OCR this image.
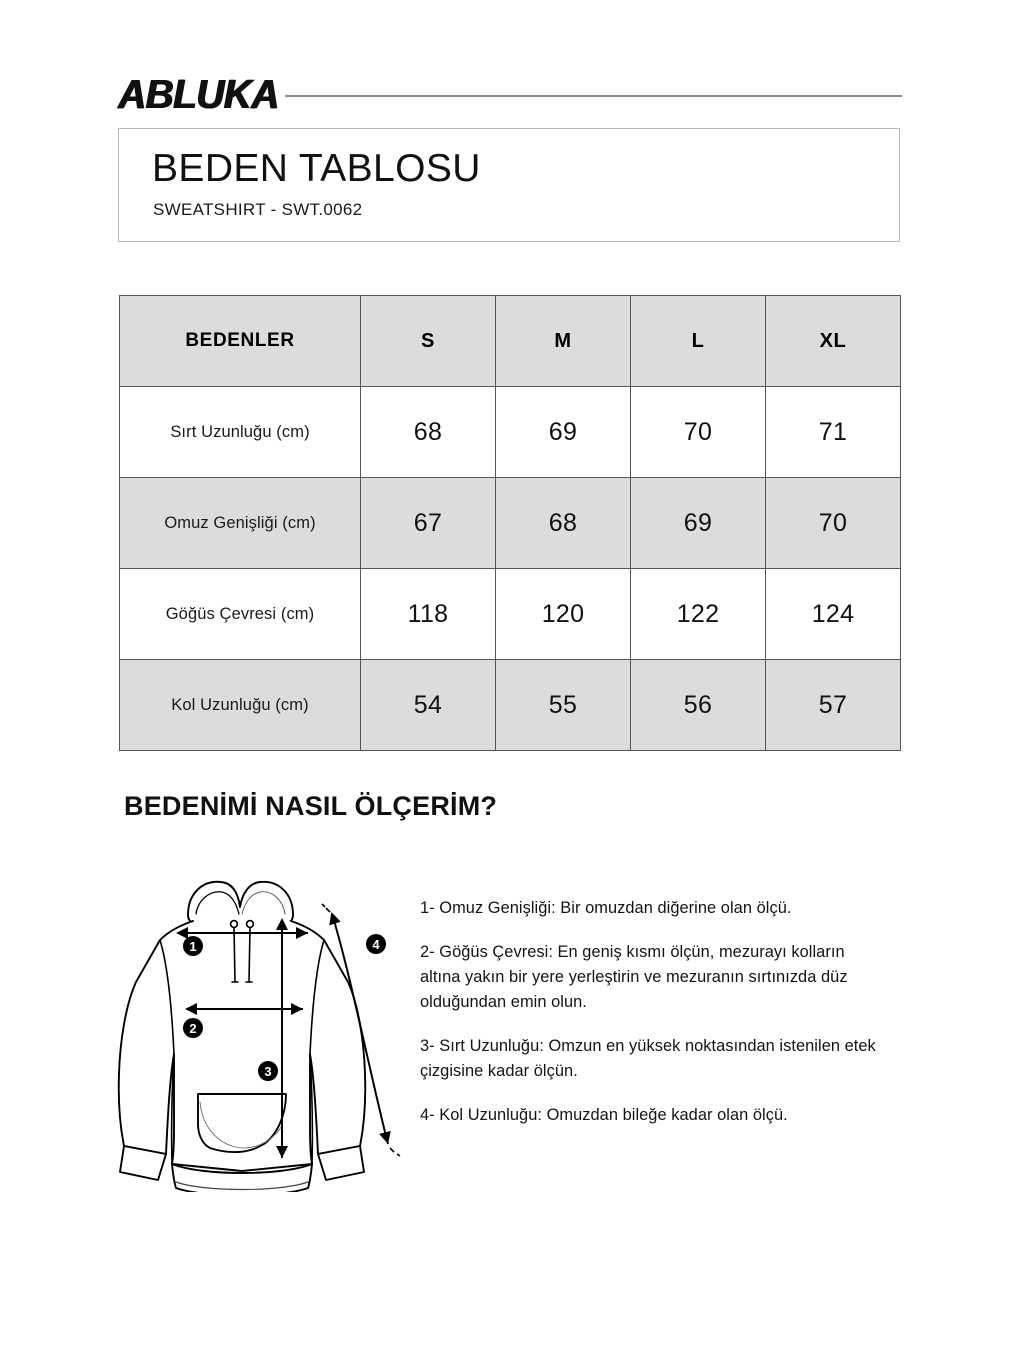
ABLUKA
BEDEN TABLOSU
SWEATSHIRT - SWT.0062
BEDENLER	S	M	L	XL
Sırt Uzunluğu (cm)	68	69	70	71
Omuz Genişliği (cm)	67	68	69	70
Göğüs Çevresi (cm)	118	120	122	124
Kol Uzunluğu (cm)	54	55	56	57
BEDENİMİ NASIL ÖLÇERİM?
1
2
3
4
1- Omuz Genişliği: Bir omuzdan diğerine olan ölçü.
2- Göğüs Çevresi: En geniş kısmı ölçün, mezurayı kolların altına yakın bir yere yerleştirin ve mezuranın sırtınızda düz olduğundan emin olun.
3- Sırt Uzunluğu: Omzun en yüksek noktasından istenilen etek çizgisine kadar ölçün.
4- Kol Uzunluğu: Omuzdan bileğe kadar olan ölçü.
